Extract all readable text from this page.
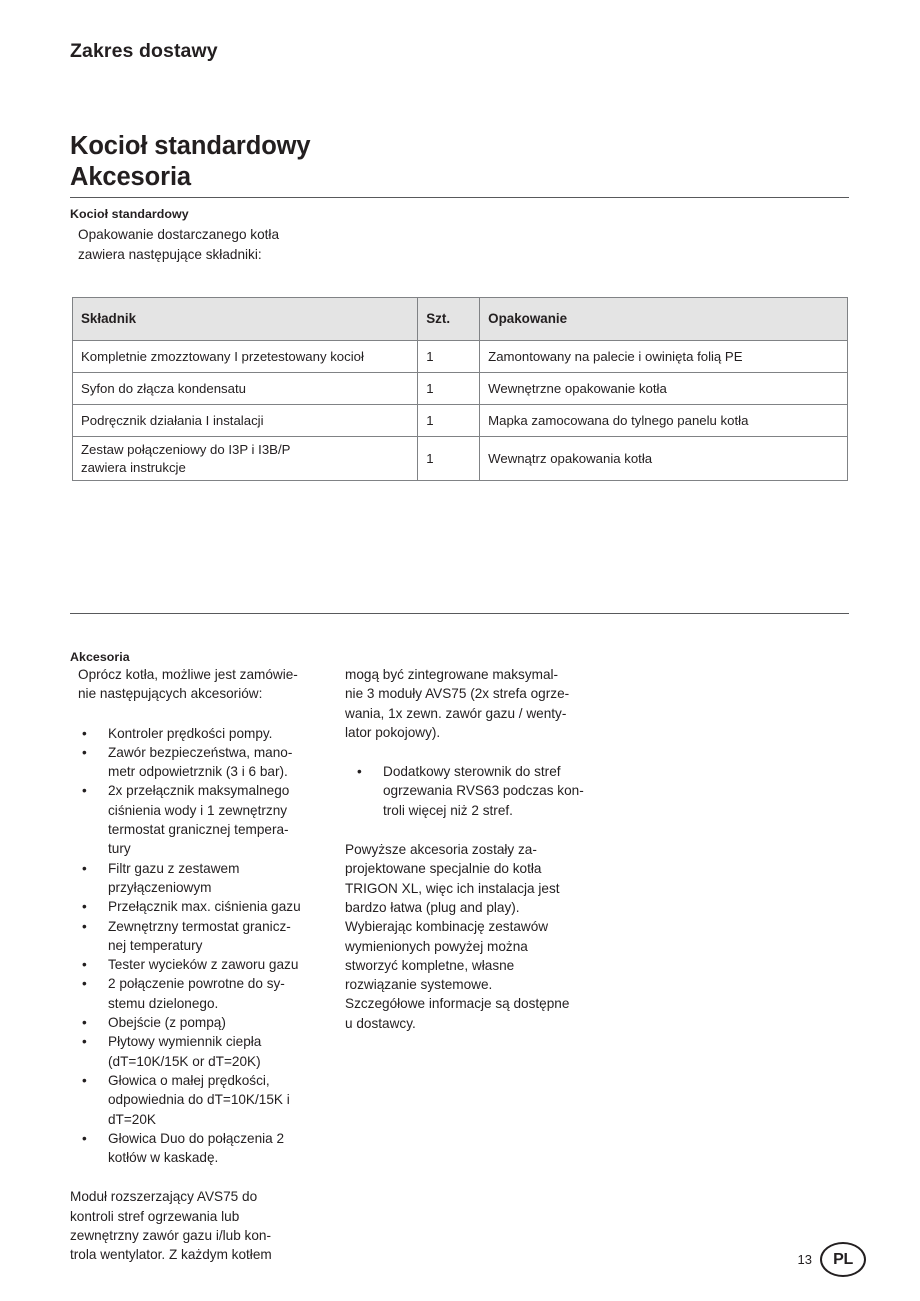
Zakres dostawy
Kocioł standardowy
Akcesoria
Kocioł standardowy
Opakowanie dostarczanego kotła
zawiera następujące składniki:
Składnik	Szt.	Opakowanie
Kompletnie zmozztowany I przetestowany kocioł	1	Zamontowany na palecie i owinięta folią PE
Syfon do złącza kondensatu	1	Wewnętrzne opakowanie kotła
Podręcznik działania I instalacji	1	Mapka zamocowana do tylnego panelu kotła
Zestaw połączeniowy do I3P i I3B/P
zawiera instrukcje	1	Wewnątrz opakowania kotła
Akcesoria

Oprócz kotła, możliwe jest zamówie-
nie następujących akcesoriów:

• Kontroler prędkości pompy.
• Zawór bezpieczeństwa, mano-
metr odpowietrznik (3 i 6 bar).
• 2x przełącznik maksymalnego
ciśnienia wody i 1 zewnętrzny
termostat granicznej tempera-
tury
• Filtr gazu z zestawem
przyłączeniowym
• Przełącznik max. ciśnienia gazu
• Zewnętrzny termostat granicz-
nej temperatury
• Tester wycieków z zaworu gazu
• 2 połączenie powrotne do sy-
stemu dzielonego.
• Obejście (z pompą)
• Płytowy wymiennik ciepła
(dT=10K/15K or dT=20K)
• Głowica o małej prędkości,
odpowiednia do dT=10K/15K i
dT=20K
• Głowica Duo do połączenia 2
kotłów w kaskadę.

Moduł rozszerzający AVS75 do
kontroli stref ogrzewania lub
zewnętrzny zawór gazu i/lub kon-
trola wentylator. Z każdym kotłem

mogą być zintegrowane maksymal-
nie 3 moduły AVS75 (2x strefa ogrze-
wania, 1x zewn. zawór gazu / wenty-
lator pokojowy).

• Dodatkowy sterownik do stref
ogrzewania RVS63 podczas kon-
troli więcej niż 2 stref.

Powyższe akcesoria zostały za-
projektowane specjalnie do kotła
TRIGON XL, więc ich instalacja jest
bardzo łatwa (plug and play).
Wybierając kombinację zestawów
wymienionych powyżej można
stworzyć kompletne, własne
rozwiązanie systemowe.
Szczegółowe informacje są dostępne
u dostawcy.

13	PL
